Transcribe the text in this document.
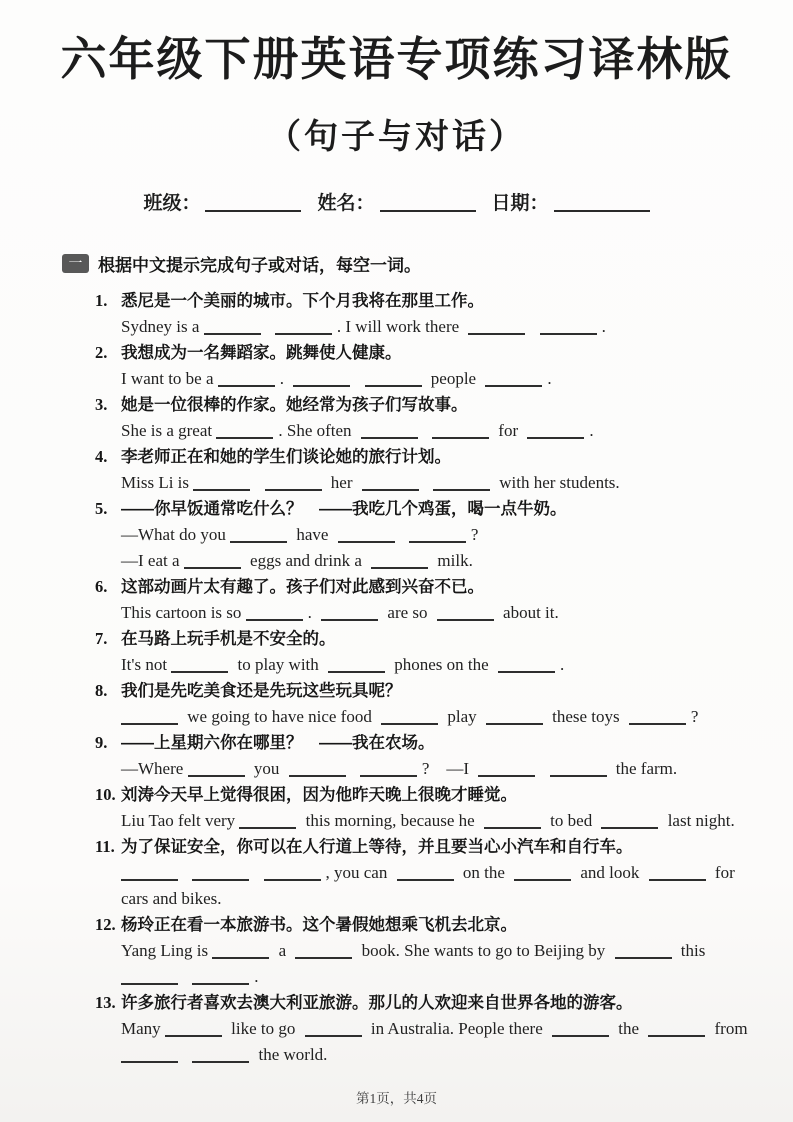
六年级下册英语专项练习译林版
（句子与对话）
班级：	姓名：	日期：
一 根据中文提示完成句子或对话，每空一词。
1. 悉尼是一个美丽的城市。下个月我将在那里工作。
Sydney is a	. I will work there	.
2. 我想成为一名舞蹈家。跳舞使人健康。
I want to be a	.	people	.
3. 她是一位很棒的作家。她经常为孩子们写故事。
She is a great	. She often	for	.
4. 李老师正在和她的学生们谈论她的旅行计划。
Miss Li is	her	with her students.
5. ——你早饭通常吃什么？　——我吃几个鸡蛋，喝一点牛奶。
—What do you	have	?
—I eat a	eggs and drink a	milk.
6. 这部动画片太有趣了。孩子们对此感到兴奋不已。
This cartoon is so	.	are so	about it.
7. 在马路上玩手机是不安全的。
It's not	to play with	phones on the	.
8. 我们是先吃美食还是先玩这些玩具呢？
we going to have nice food	play	these toys	?
9. ——上星期六你在哪里？　——我在农场。
—Where	you	? —I	the farm.
10. 刘涛今天早上觉得很困，因为他昨天晚上很晚才睡觉。
Liu Tao felt very	this morning, because he	to bed	last night.
11. 为了保证安全，你可以在人行道上等待，并且要当心小汽车和自行车。
, you can	on the	and look	for
cars and bikes.
12. 杨玲正在看一本旅游书。这个暑假她想乘飞机去北京。
Yang Ling is	a	book. She wants to go to Beijing by	this
.
13. 许多旅行者喜欢去澳大利亚旅游。那儿的人欢迎来自世界各地的游客。
Many	like to go	in Australia. People there	the	from
the world.
第1页，共4页
